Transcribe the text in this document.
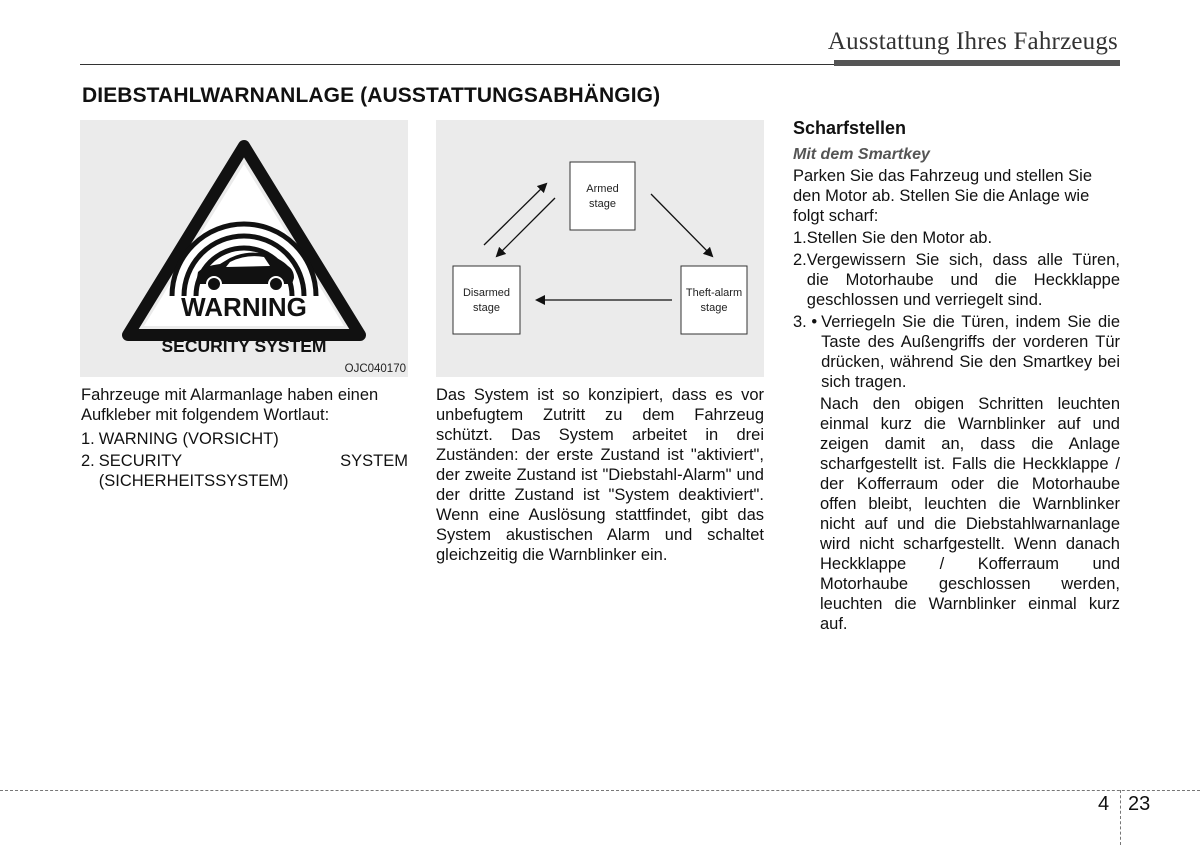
Ausstattung Ihres Fahrzeugs
DIEBSTAHLWARNANLAGE (AUSSTATTUNGSABHÄNGIG)
WARNING
SECURITY SYSTEM
OJC040170
Armed
stage
Theft-alarm
stage
Disarmed
stage

Fahrzeuge mit Alarmanlage haben einen Aufkleber mit folgendem Wortlaut:

1. WARNING (VORSICHT)
2. SECURITY	SYSTEM
(SICHERHEITSSYSTEM)

Das System ist so konzipiert, dass es vor unbefugtem Zutritt zu dem Fahrzeug schützt. Das System arbeitet in drei Zuständen: der erste Zustand ist "aktiviert", der zweite Zustand ist "Diebstahl-Alarm" und der dritte Zustand ist "System deaktiviert". Wenn eine Auslösung stattfindet, gibt das System akustischen Alarm und schaltet gleichzeitig die Warnblinker ein.

Scharfstellen

Mit dem Smartkey

Parken Sie das Fahrzeug und stellen Sie den Motor ab. Stellen Sie die Anlage wie folgt scharf:

1. Stellen Sie den Motor ab.
2. Vergewissern Sie sich, dass alle Türen, die Motorhaube und die Heckklappe geschlossen und verriegelt sind.
3. • Verriegeln Sie die Türen, indem Sie die Taste des Außengriffs der vorderen Tür drücken, während Sie den Smartkey bei sich tragen.

Nach den obigen Schritten leuchten einmal kurz die Warnblinker auf und zeigen damit an, dass die Anlage scharfgestellt ist. Falls die Heckklappe / der Kofferraum oder die Motorhaube offen bleibt, leuchten die Warnblinker nicht auf und die Diebstahlwarnanlage wird nicht scharfgestellt. Wenn danach Heckklappe / Kofferraum und Motorhaube geschlossen werden, leuchten die Warnblinker einmal kurz auf.

4 23
